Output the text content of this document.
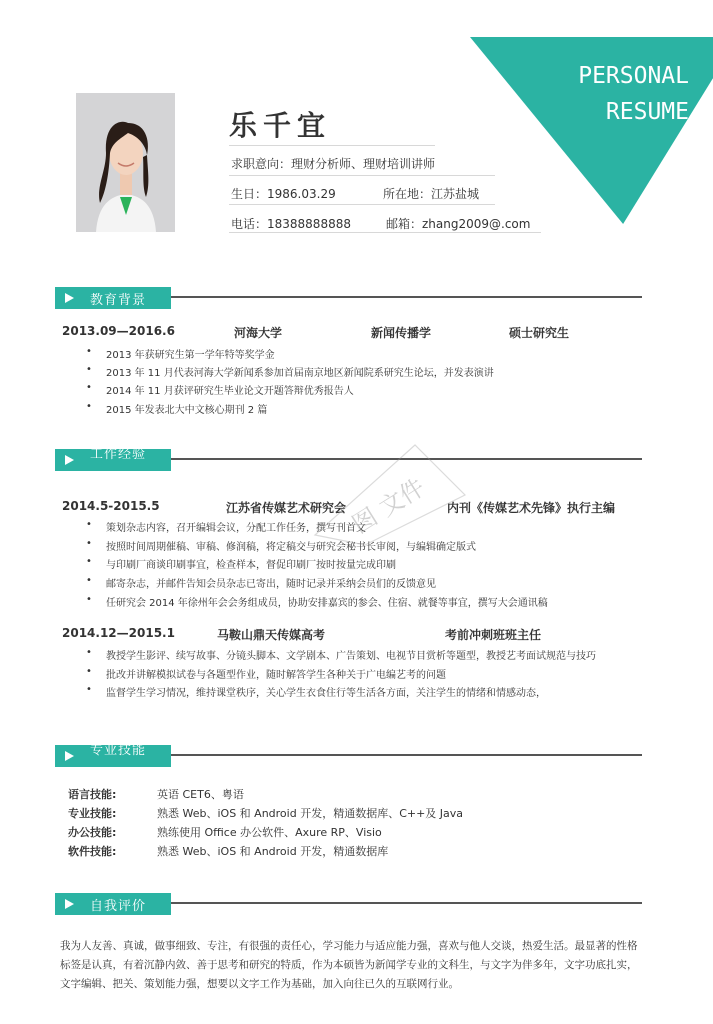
PERSONAL
RESUME
乐千宜
求职意向：理财分析师、理财培训讲师
生日：1986.03.29	所在地：江苏盐城
电话：18388888888	邮箱：zhang2009@.com
教育背景
2013.09—2016.6	河海大学	新闻传播学	硕士研究生
• 2013 年获研究生第一学年特等奖学金
• 2013 年 11 月代表河海大学新闻系参加首届南京地区新闻院系研究生论坛，并发表演讲
• 2014 年 11 月获评研究生毕业论文开题答辩优秀报告人
• 2015 年发表北大中文核心期刊 2 篇
工作经验
2014.5-2015.5	江苏省传媒艺术研究会	内刊《传媒艺术先锋》执行主编
• 策划杂志内容，召开编辑会议，分配工作任务，撰写刊首文
• 按照时间周期催稿、审稿、修润稿，将定稿交与研究会秘书长审阅，与编辑确定版式
• 与印刷厂商谈印刷事宜，检查样本，督促印刷厂按时按量完成印刷
• 邮寄杂志，并邮件告知会员杂志已寄出，随时记录并采纳会员们的反馈意见
• 任研究会 2014 年徐州年会会务组成员，协助安排嘉宾的参会、住宿、就餐等事宜，撰写大会通讯稿
2014.12—2015.1	马鞍山鼎天传媒高考	考前冲刺班班主任
• 教授学生影评、续写故事、分镜头脚本、文学剧本、广告策划、电视节目赏析等题型，教授艺考面试规范与技巧
• 批改并讲解模拟试卷与各题型作业，随时解答学生各种关于广电编艺考的问题
• 监督学生学习情况，维持课堂秩序，关心学生衣食住行等生活各方面，关注学生的情绪和情感动态，
专业技能
语言技能:	英语 CET6、粤语
专业技能:	熟悉 Web、iOS 和 Android 开发，精通数据库、C++及 Java
办公技能:	熟练使用 Office 办公软件、Axure RP、Visio
软件技能:	熟悉 Web、iOS 和 Android 开发，精通数据库
自我评价
我为人友善、真诚，做事细致、专注，有很强的责任心，学习能力与适应能力强，喜欢与他人交谈，热爱生活。最显著的性格标签是认真，有着沉静内敛、善于思考和研究的特质，作为本硕皆为新闻学专业的文科生，与文字为伴多年，文字功底扎实，文字编辑、把关、策划能力强，想要以文字工作为基础，加入向往已久的互联网行业。
图 文件
